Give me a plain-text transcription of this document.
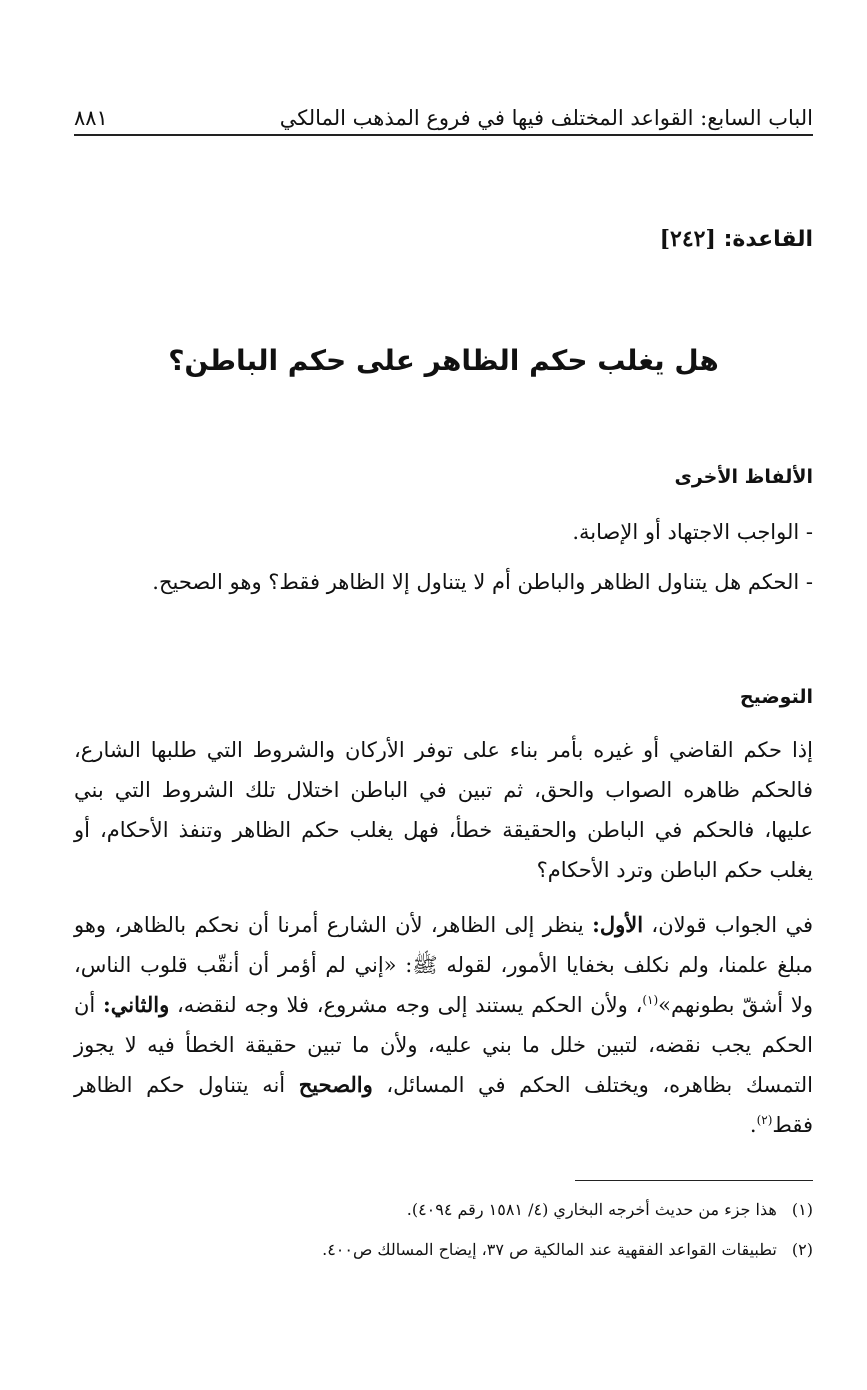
الباب السابع: القواعد المختلف فيها في فروع المذهب المالكي
٨٨١
القاعدة: [٢٤٢]
هل يغلب حكم الظاهر على حكم الباطن؟
الألفاظ الأخرى
- الواجب الاجتهاد أو الإصابة.
- الحكم هل يتناول الظاهر والباطن أم لا يتناول إلا الظاهر فقط؟ وهو الصحيح.
التوضيح
إذا حكم القاضي أو غيره بأمر بناء على توفر الأركان والشروط التي طلبها الشارع، فالحكم ظاهره الصواب والحق، ثم تبين في الباطن اختلال تلك الشروط التي بني عليها، فالحكم في الباطن والحقيقة خطأ، فهل يغلب حكم الظاهر وتنفذ الأحكام، أو يغلب حكم الباطن وترد الأحكام؟
في الجواب قولان، الأول: ينظر إلى الظاهر، لأن الشارع أمرنا أن نحكم بالظاهر، وهو مبلغ علمنا، ولم نكلف بخفايا الأمور، لقوله ﷺ: «إني لم أؤمر أن أنقّب قلوب الناس، ولا أشقّ بطونهم»$^{(١)}$، ولأن الحكم يستند إلى وجه مشروع، فلا وجه لنقضه، والثاني: أن الحكم يجب نقضه، لتبين خلل ما بني عليه، ولأن ما تبين حقيقة الخطأ فيه لا يجوز التمسك بظاهره، ويختلف الحكم في المسائل، والصحيح أنه يتناول حكم الظاهر فقط$^{(٢)}$.
(١) هذا جزء من حديث أخرجه البخاري (٤/ ١٥٨١ رقم ٤٠٩٤).
(٢) تطبيقات القواعد الفقهية عند المالكية ص ٣٧، إيضاح المسالك ص٤٠٠.
